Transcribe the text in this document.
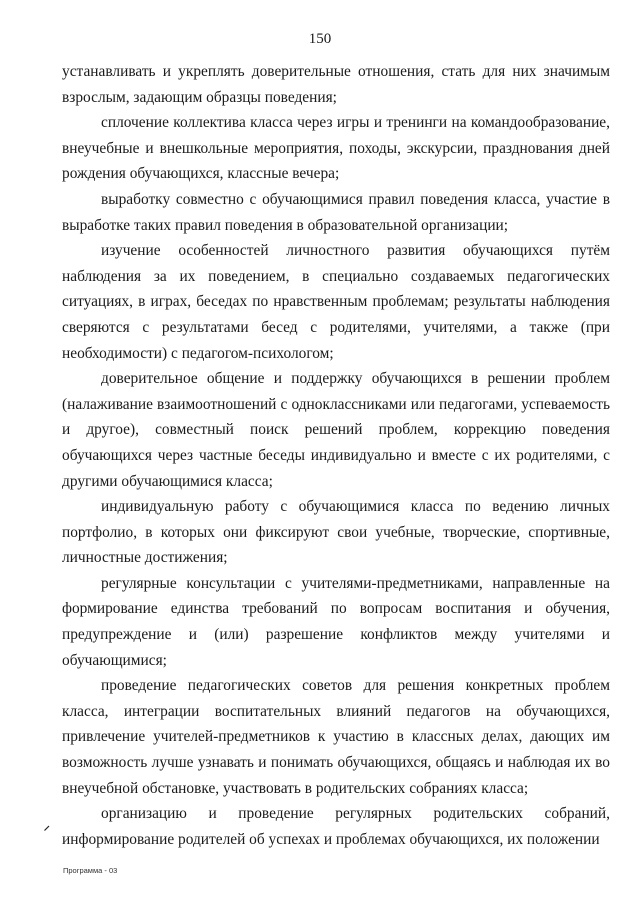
150

устанавливать и укреплять доверительные отношения, стать для них значимым взрослым, задающим образцы поведения;

сплочение коллектива класса через игры и тренинги на командообразование, внеучебные и внешкольные мероприятия, походы, экскурсии, празднования дней рождения обучающихся, классные вечера;

выработку совместно с обучающимися правил поведения класса, участие в выработке таких правил поведения в образовательной организации;

изучение особенностей личностного развития обучающихся путём наблюдения за их поведением, в специально создаваемых педагогических ситуациях, в играх, беседах по нравственным проблемам; результаты наблюдения сверяются с результатами бесед с родителями, учителями, а также (при необходимости) с педагогом-психологом;

доверительное общение и поддержку обучающихся в решении проблем (налаживание взаимоотношений с одноклассниками или педагогами, успеваемость и другое), совместный поиск решений проблем, коррекцию поведения обучающихся через частные беседы индивидуально и вместе с их родителями, с другими обучающимися класса;

индивидуальную работу с обучающимися класса по ведению личных портфолио, в которых они фиксируют свои учебные, творческие, спортивные, личностные достижения;

регулярные консультации с учителями-предметниками, направленные на формирование единства требований по вопросам воспитания и обучения, предупреждение и (или) разрешение конфликтов между учителями и обучающимися;

проведение педагогических советов для решения конкретных проблем класса, интеграции воспитательных влияний педагогов на обучающихся, привлечение учителей-предметников к участию в классных делах, дающих им возможность лучше узнавать и понимать обучающихся, общаясь и наблюдая их во внеучебной обстановке, участвовать в родительских собраниях класса;

организацию и проведение регулярных родительских собраний, информирование родителей об успехах и проблемах обучающихся, их положении

Программа - 03
